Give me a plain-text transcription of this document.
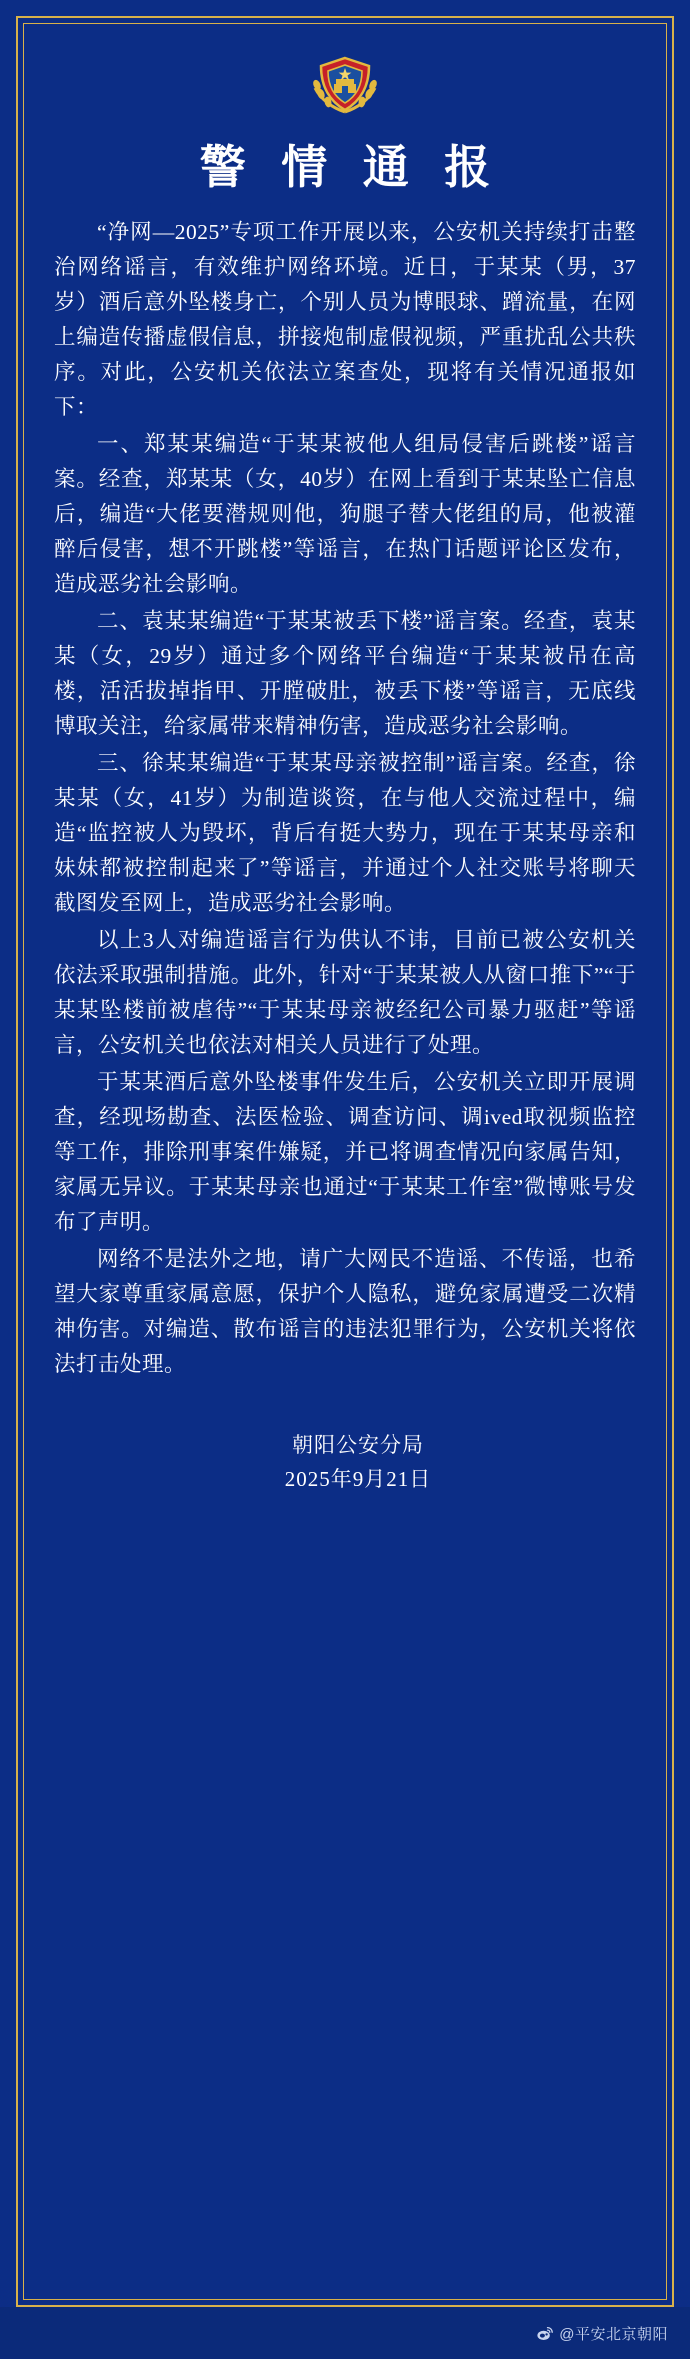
警 情 通 报

“净网—2025”专项工作开展以来，公安机关持续打击整治网络谣言，有效维护网络环境。近日，于某某（男，37岁）酒后意外坠楼身亡，个别人员为博眼球、蹭流量，在网上编造传播虚假信息，拼接炮制虚假视频，严重扰乱公共秩序。对此，公安机关依法立案查处，现将有关情况通报如下：

一、郑某某编造“于某某被他人组局侵害后跳楼”谣言案。经查，郑某某（女，40岁）在网上看到于某某坠亡信息后，编造“大佬要潜规则他，狗腿子替大佬组的局，他被灌醉后侵害，想不开跳楼”等谣言，在热门话题评论区发布，造成恶劣社会影响。

二、袁某某编造“于某某被丢下楼”谣言案。经查，袁某某（女，29岁）通过多个网络平台编造“于某某被吊在高楼，活活拔掉指甲、开膛破肚，被丢下楼”等谣言，无底线博取关注，给家属带来精神伤害，造成恶劣社会影响。

三、徐某某编造“于某某母亲被控制”谣言案。经查，徐某某（女，41岁）为制造谈资，在与他人交流过程中，编造“监控被人为毁坏，背后有挺大势力，现在于某某母亲和妹妹都被控制起来了”等谣言，并通过个人社交账号将聊天截图发至网上，造成恶劣社会影响。

以上3人对编造谣言行为供认不讳，目前已被公安机关依法采取强制措施。此外，针对“于某某被人从窗口推下”“于某某坠楼前被虐待”“于某某母亲被经纪公司暴力驱赶”等谣言，公安机关也依法对相关人员进行了处理。

于某某酒后意外坠楼事件发生后，公安机关立即开展调查，经现场勘查、法医检验、调查访问、调ived取视频监控等工作，排除刑事案件嫌疑，并已将调查情况向家属告知，家属无异议。于某某母亲也通过“于某某工作室”微博账号发布了声明。

网络不是法外之地，请广大网民不造谣、不传谣，也希望大家尊重家属意愿，保护个人隐私，避免家属遭受二次精神伤害。对编造、散布谣言的违法犯罪行为，公安机关将依法打击处理。

朝阳公安分局
2025年9月21日
@平安北京朝阳
